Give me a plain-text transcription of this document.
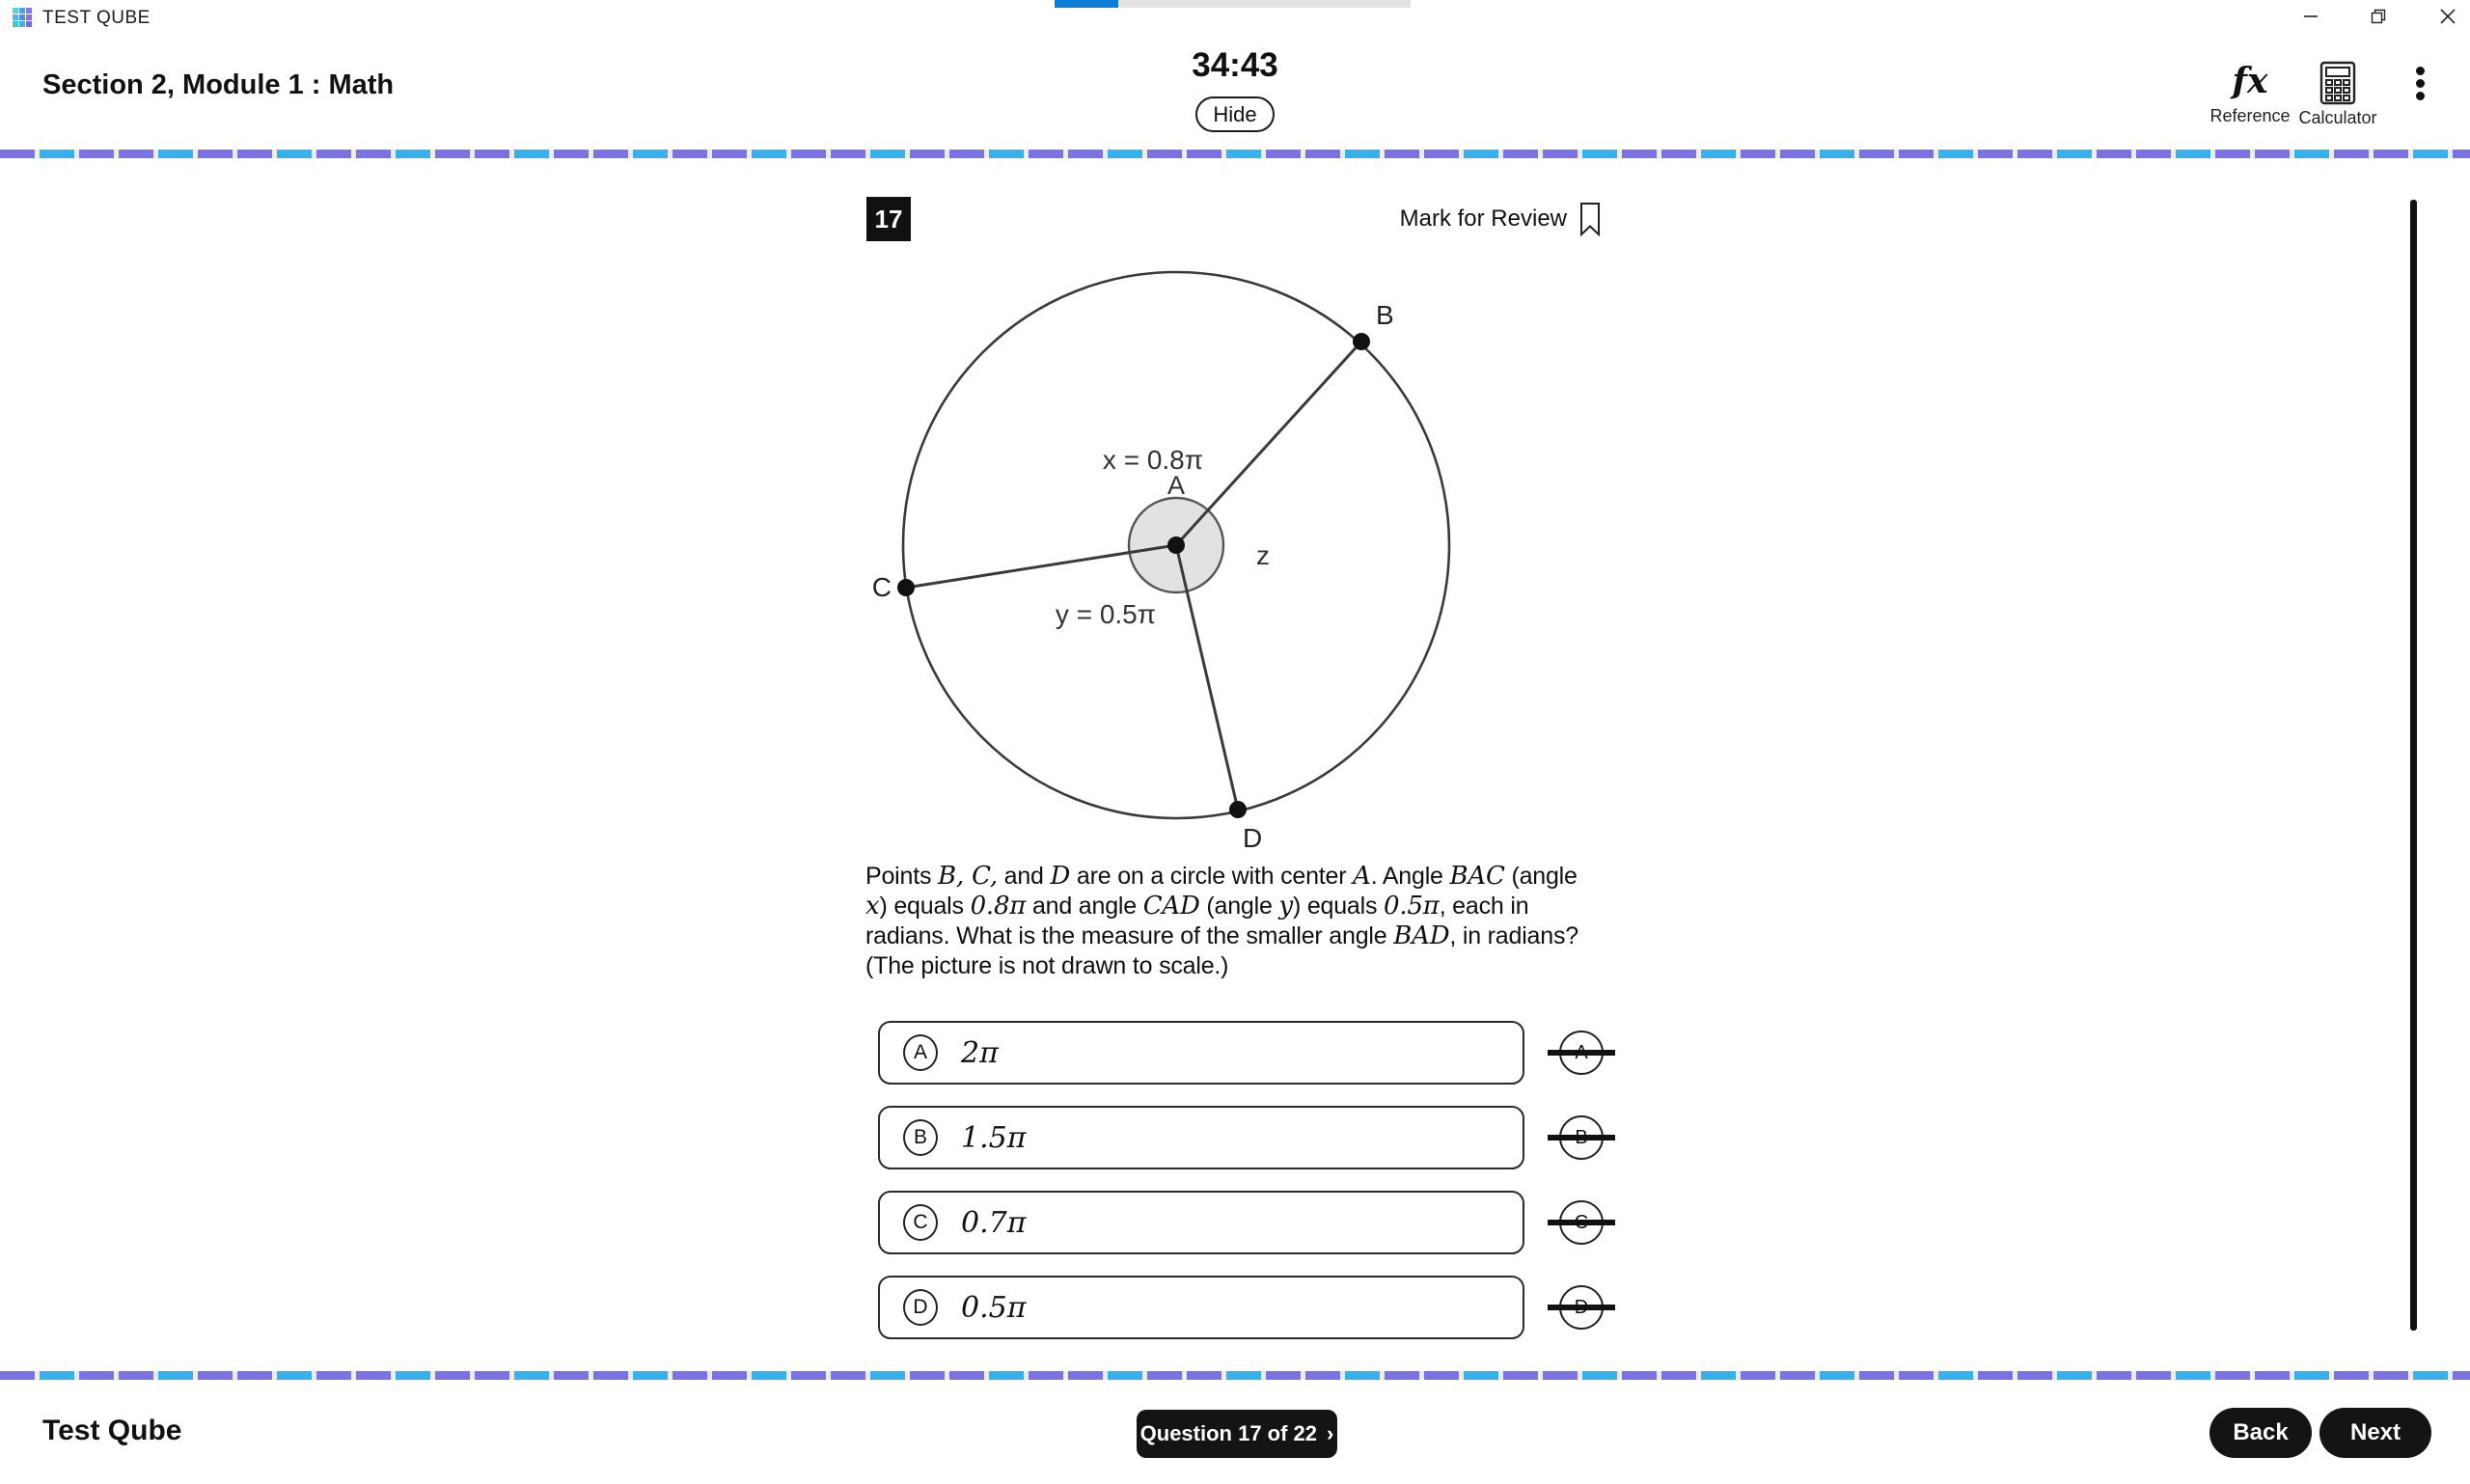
TEST QUBE
Section 2, Module 1 : Math
34:43
Hide
fx
Reference Calculator
17	Mark for Review
B
C
D
A
x = 0.8π
y = 0.5π
z

Points B, C, and D are on a circle with center A. Angle BAC (angle x) equals 0.8π and angle CAD (angle y) equals 0.5π, each in radians. What is the measure of the smaller angle BAD, in radians? (The picture is not drawn to scale.)

A	2π
B	1.5π
C	0.7π
D	0.5π
Test Qube	Question 17 of 22 ›	Back	Next
